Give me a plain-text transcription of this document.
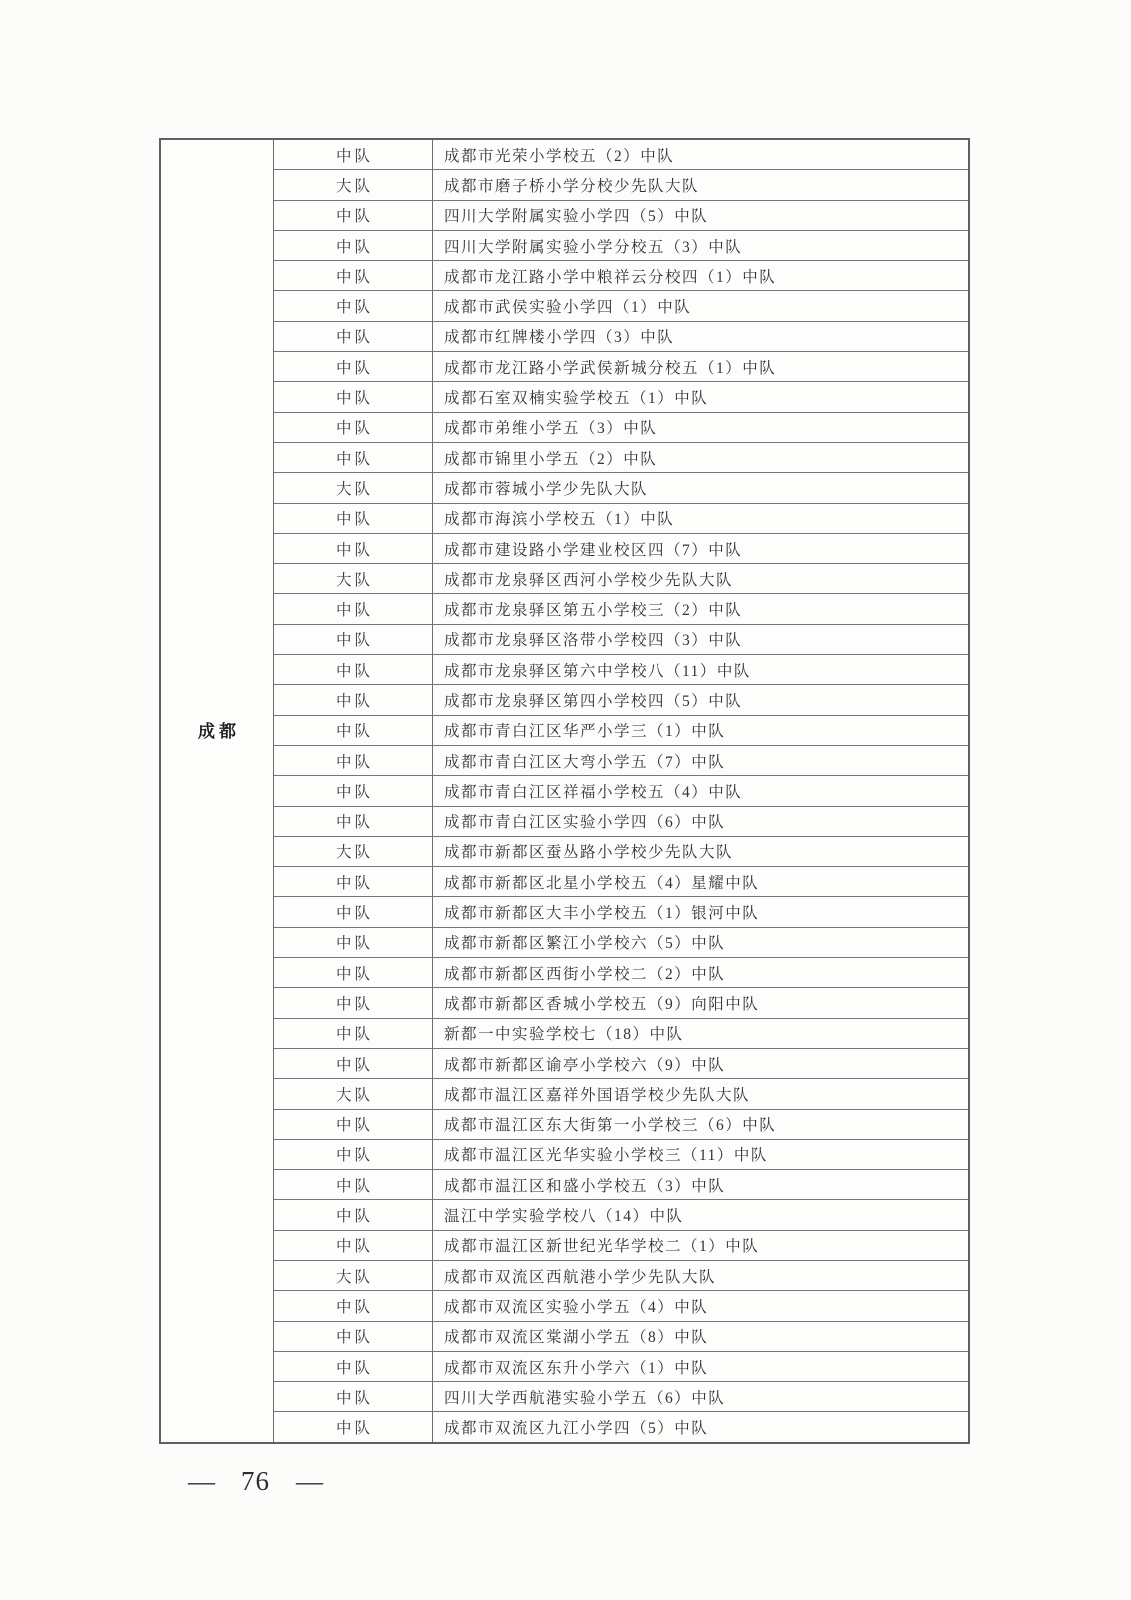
成都
中队	成都市光荣小学校五（2）中队
大队	成都市磨子桥小学分校少先队大队
中队	四川大学附属实验小学四（5）中队
中队	四川大学附属实验小学分校五（3）中队
中队	成都市龙江路小学中粮祥云分校四（1）中队
中队	成都市武侯实验小学四（1）中队
中队	成都市红牌楼小学四（3）中队
中队	成都市龙江路小学武侯新城分校五（1）中队
中队	成都石室双楠实验学校五（1）中队
中队	成都市弟维小学五（3）中队
中队	成都市锦里小学五（2）中队
大队	成都市蓉城小学少先队大队
中队	成都市海滨小学校五（1）中队
中队	成都市建设路小学建业校区四（7）中队
大队	成都市龙泉驿区西河小学校少先队大队
中队	成都市龙泉驿区第五小学校三（2）中队
中队	成都市龙泉驿区洛带小学校四（3）中队
中队	成都市龙泉驿区第六中学校八（11）中队
中队	成都市龙泉驿区第四小学校四（5）中队
中队	成都市青白江区华严小学三（1）中队
中队	成都市青白江区大弯小学五（7）中队
中队	成都市青白江区祥福小学校五（4）中队
中队	成都市青白江区实验小学四（6）中队
大队	成都市新都区蚕丛路小学校少先队大队
中队	成都市新都区北星小学校五（4）星耀中队
中队	成都市新都区大丰小学校五（1）银河中队
中队	成都市新都区繁江小学校六（5）中队
中队	成都市新都区西街小学校二（2）中队
中队	成都市新都区香城小学校五（9）向阳中队
中队	新都一中实验学校七（18）中队
中队	成都市新都区谕亭小学校六（9）中队
大队	成都市温江区嘉祥外国语学校少先队大队
中队	成都市温江区东大街第一小学校三（6）中队
中队	成都市温江区光华实验小学校三（11）中队
中队	成都市温江区和盛小学校五（3）中队
中队	温江中学实验学校八（14）中队
中队	成都市温江区新世纪光华学校二（1）中队
大队	成都市双流区西航港小学少先队大队
中队	成都市双流区实验小学五（4）中队
中队	成都市双流区棠湖小学五（8）中队
中队	成都市双流区东升小学六（1）中队
中队	四川大学西航港实验小学五（6）中队
中队	成都市双流区九江小学四（5）中队
— 76 —
